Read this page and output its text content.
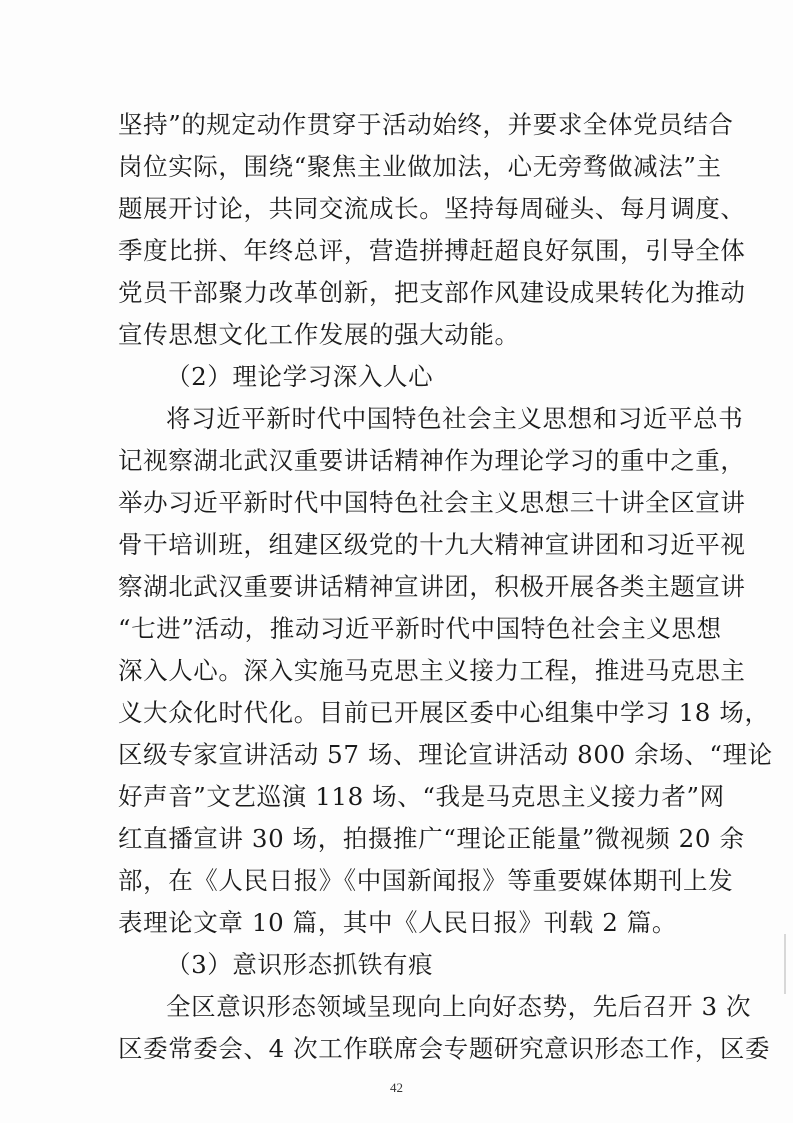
坚持”的规定动作贯穿于活动始终，并要求全体党员结合
岗位实际，围绕“聚焦主业做加法，心无旁骛做减法”主
题展开讨论，共同交流成长。坚持每周碰头、每月调度、
季度比拼、年终总评，营造拼搏赶超良好氛围，引导全体
党员干部聚力改革创新，把支部作风建设成果转化为推动
宣传思想文化工作发展的强大动能。
（2）理论学习深入人心
将习近平新时代中国特色社会主义思想和习近平总书
记视察湖北武汉重要讲话精神作为理论学习的重中之重，
举办习近平新时代中国特色社会主义思想三十讲全区宣讲
骨干培训班，组建区级党的十九大精神宣讲团和习近平视
察湖北武汉重要讲话精神宣讲团，积极开展各类主题宣讲
“七进”活动，推动习近平新时代中国特色社会主义思想
深入人心。深入实施马克思主义接力工程，推进马克思主
义大众化时代化。目前已开展区委中心组集中学习 18 场，
区级专家宣讲活动 57 场、理论宣讲活动 800 余场、“理论
好声音”文艺巡演 118 场、“我是马克思主义接力者”网
红直播宣讲 30 场，拍摄推广“理论正能量”微视频 20 余
部，在《人民日报》《中国新闻报》等重要媒体期刊上发
表理论文章 10 篇，其中《人民日报》刊载 2 篇。
（3）意识形态抓铁有痕
全区意识形态领域呈现向上向好态势，先后召开 3 次
区委常委会、4 次工作联席会专题研究意识形态工作，区委
42
